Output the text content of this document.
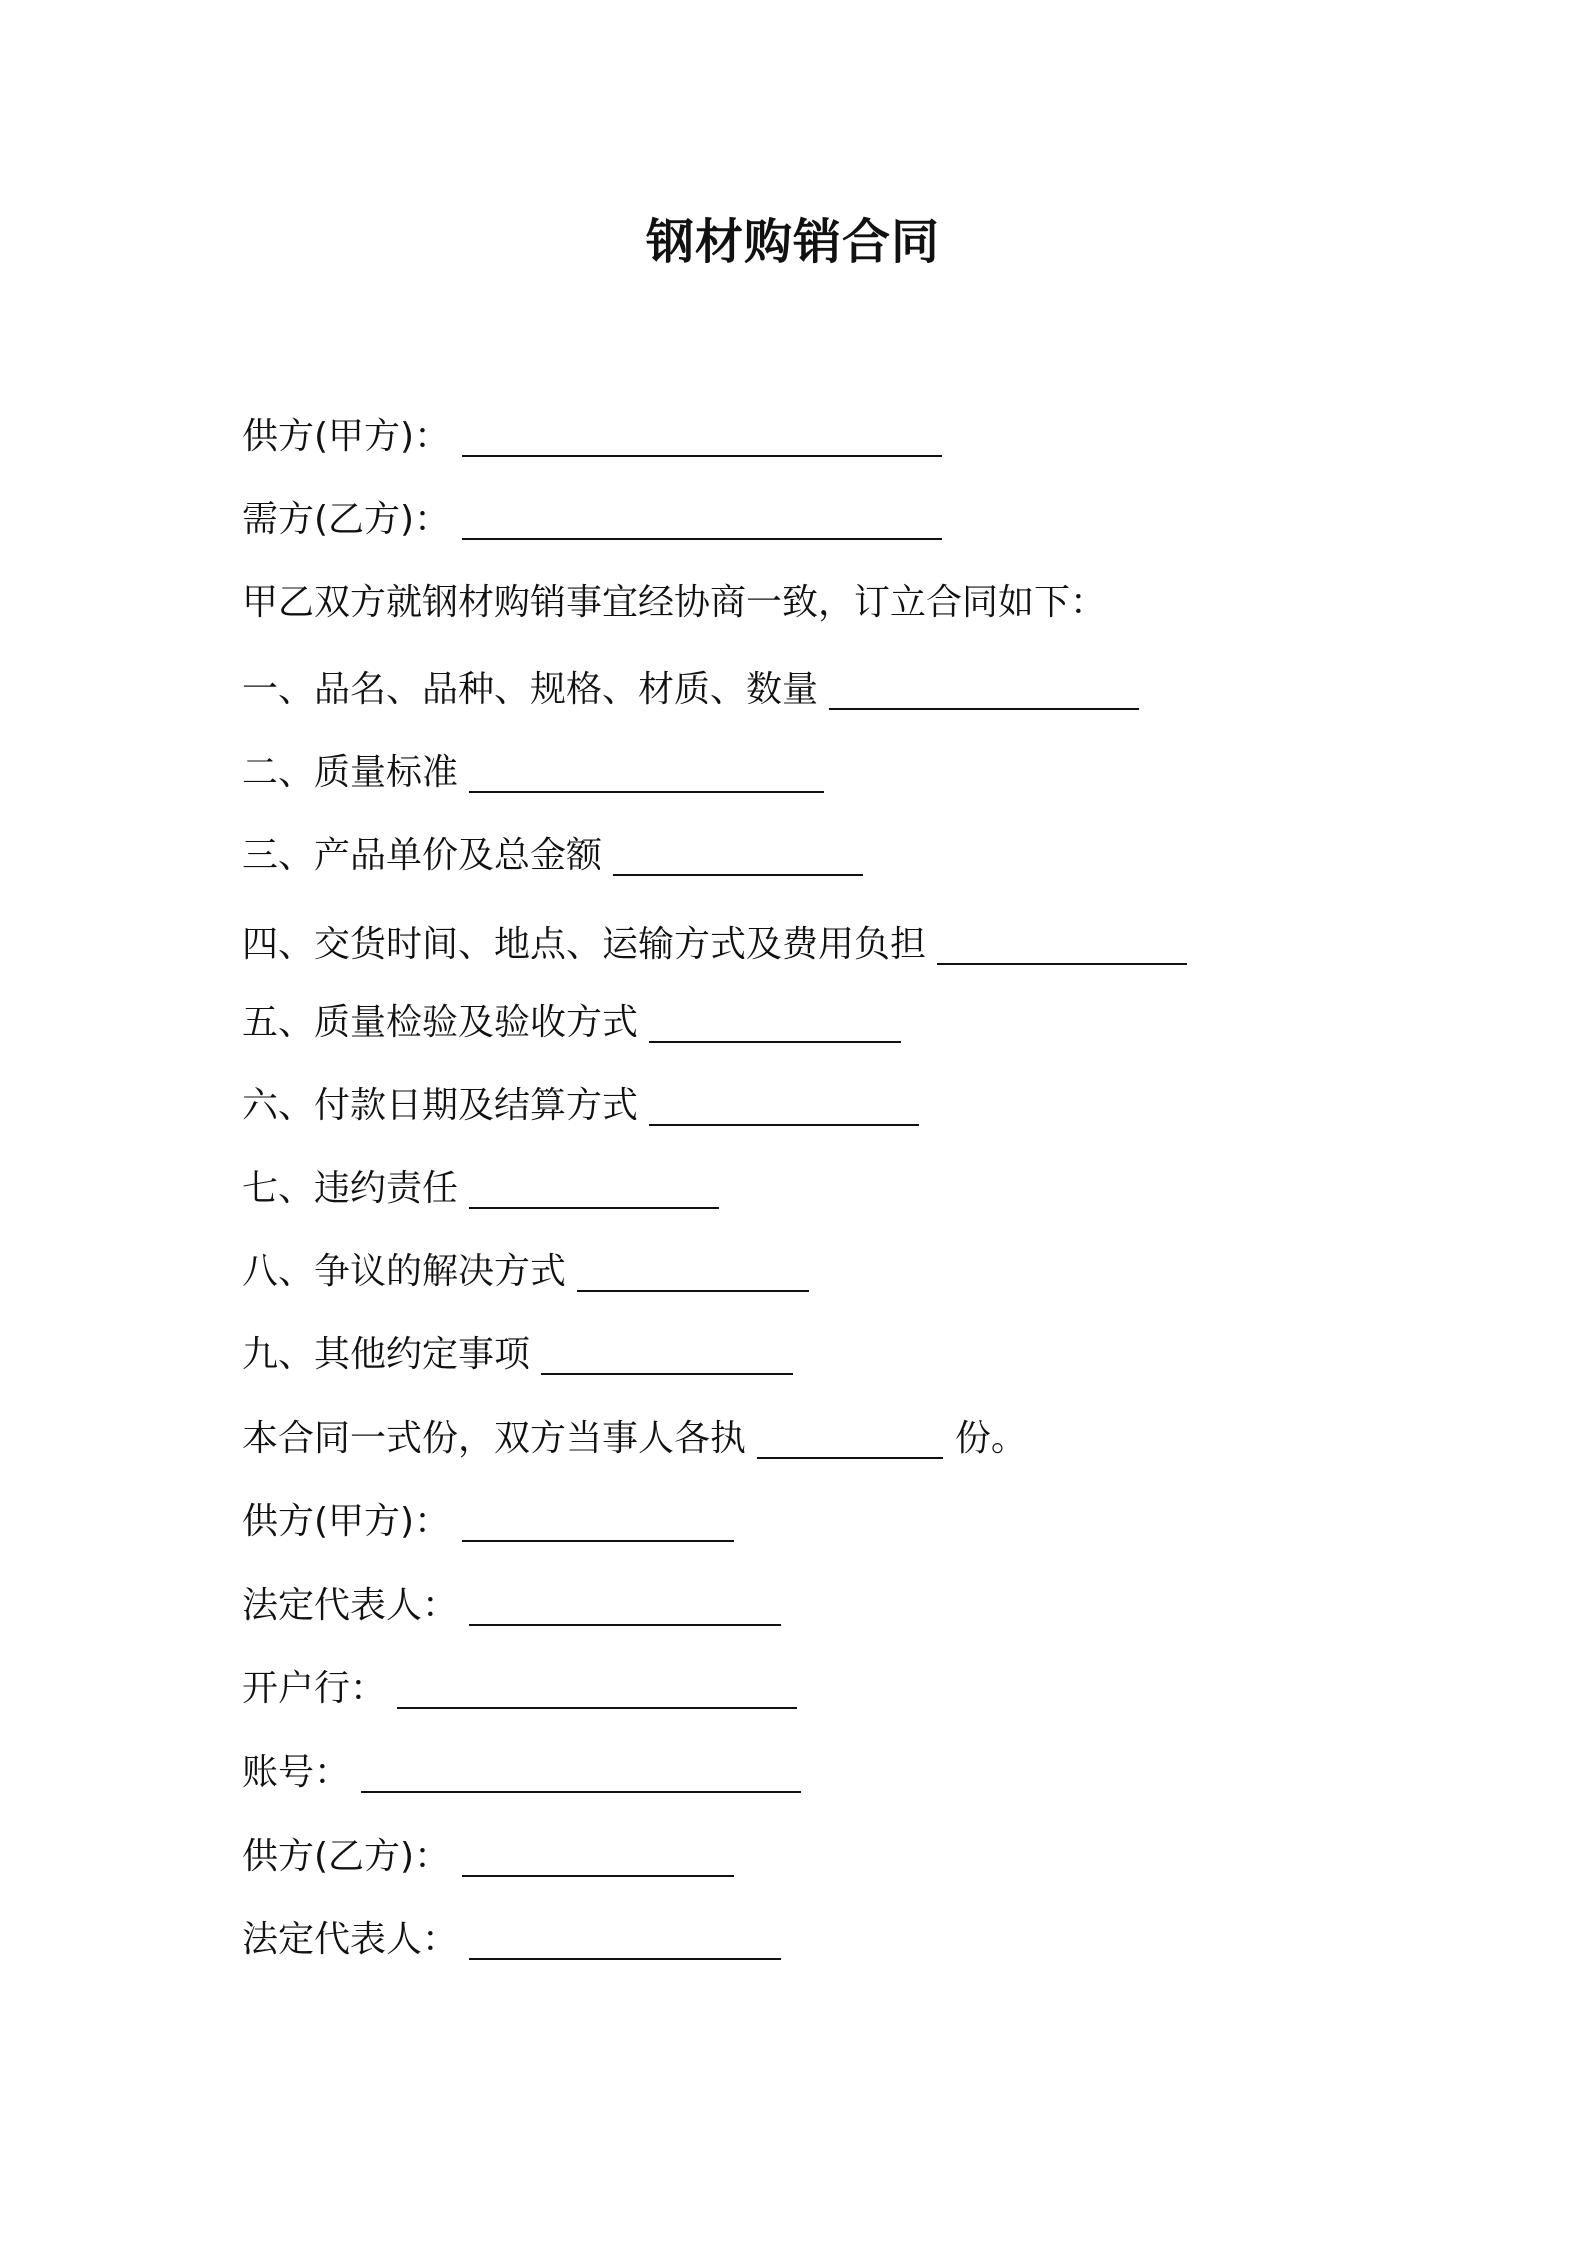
钢材购销合同
供方(甲方)：
需方(乙方)：
甲乙双方就钢材购销事宜经协商一致，订立合同如下：
一、品名、品种、规格、材质、数量
二、质量标准
三、产品单价及总金额
四、交货时间、地点、运输方式及费用负担
五、质量检验及验收方式
六、付款日期及结算方式
七、违约责任
八、争议的解决方式
九、其他约定事项
本合同一式份，双方当事人各执	份。
供方(甲方)：
法定代表人：
开户行：
账号：
供方(乙方)：
法定代表人：
